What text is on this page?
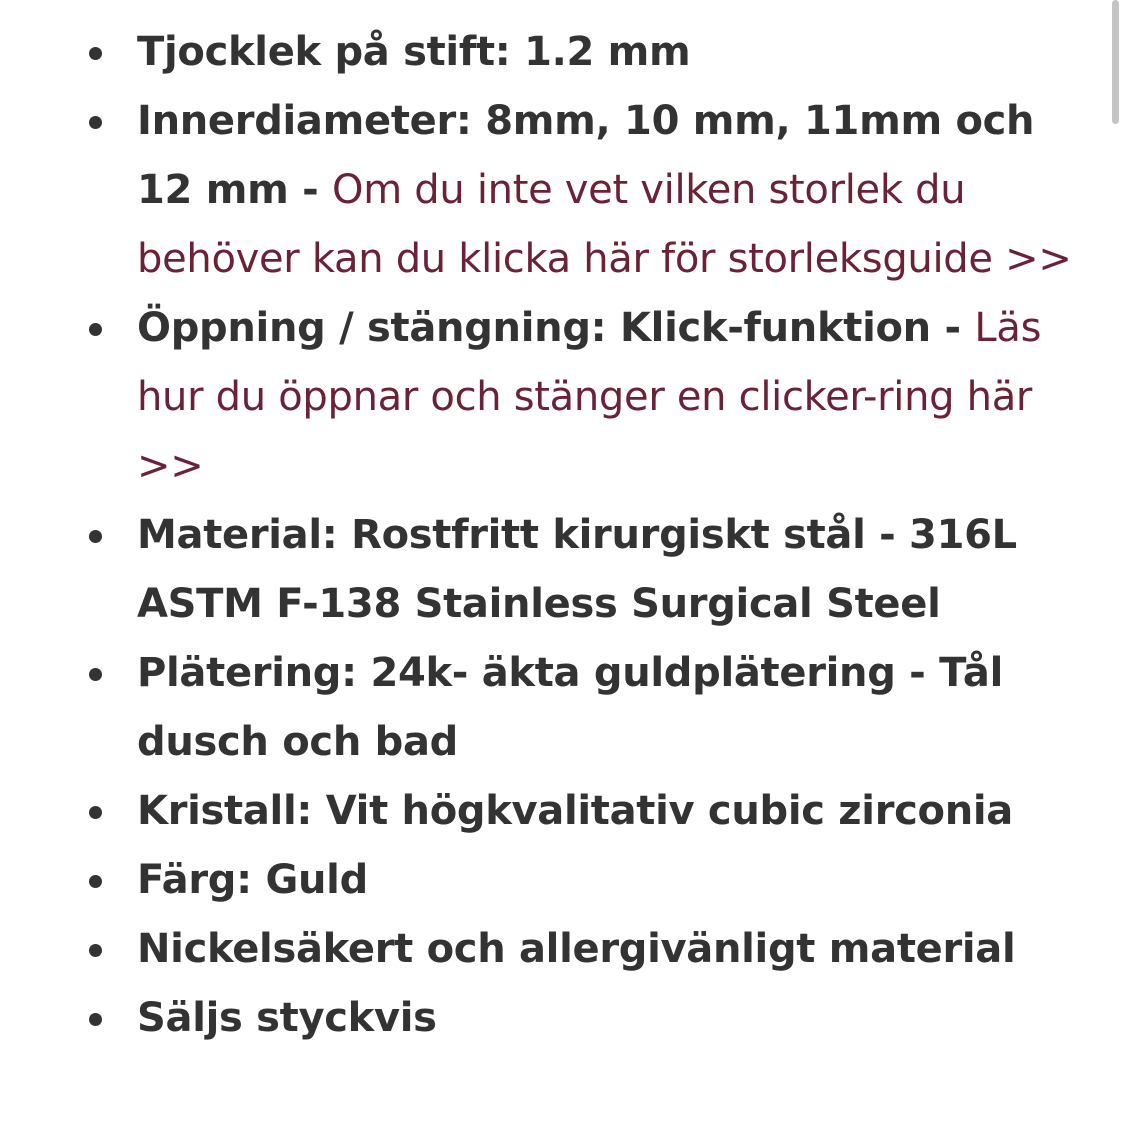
Tjocklek på stift: 1.2 mm
Innerdiameter: 8mm, 10 mm, 11mm och 12 mm - Om du inte vet vilken storlek du behöver kan du klicka här för storleksguide >>
Öppning / stängning: Klick-funktion - Läs hur du öppnar och stänger en clicker-ring här >>
Material: Rostfritt kirurgiskt stål - 316L ASTM F-138 Stainless Surgical Steel
Plätering: 24k- äkta guldplätering - Tål dusch och bad
Kristall: Vit högkvalitativ cubic zirconia
Färg: Guld
Nickelsäkert och allergivänligt material
Säljs styckvis
